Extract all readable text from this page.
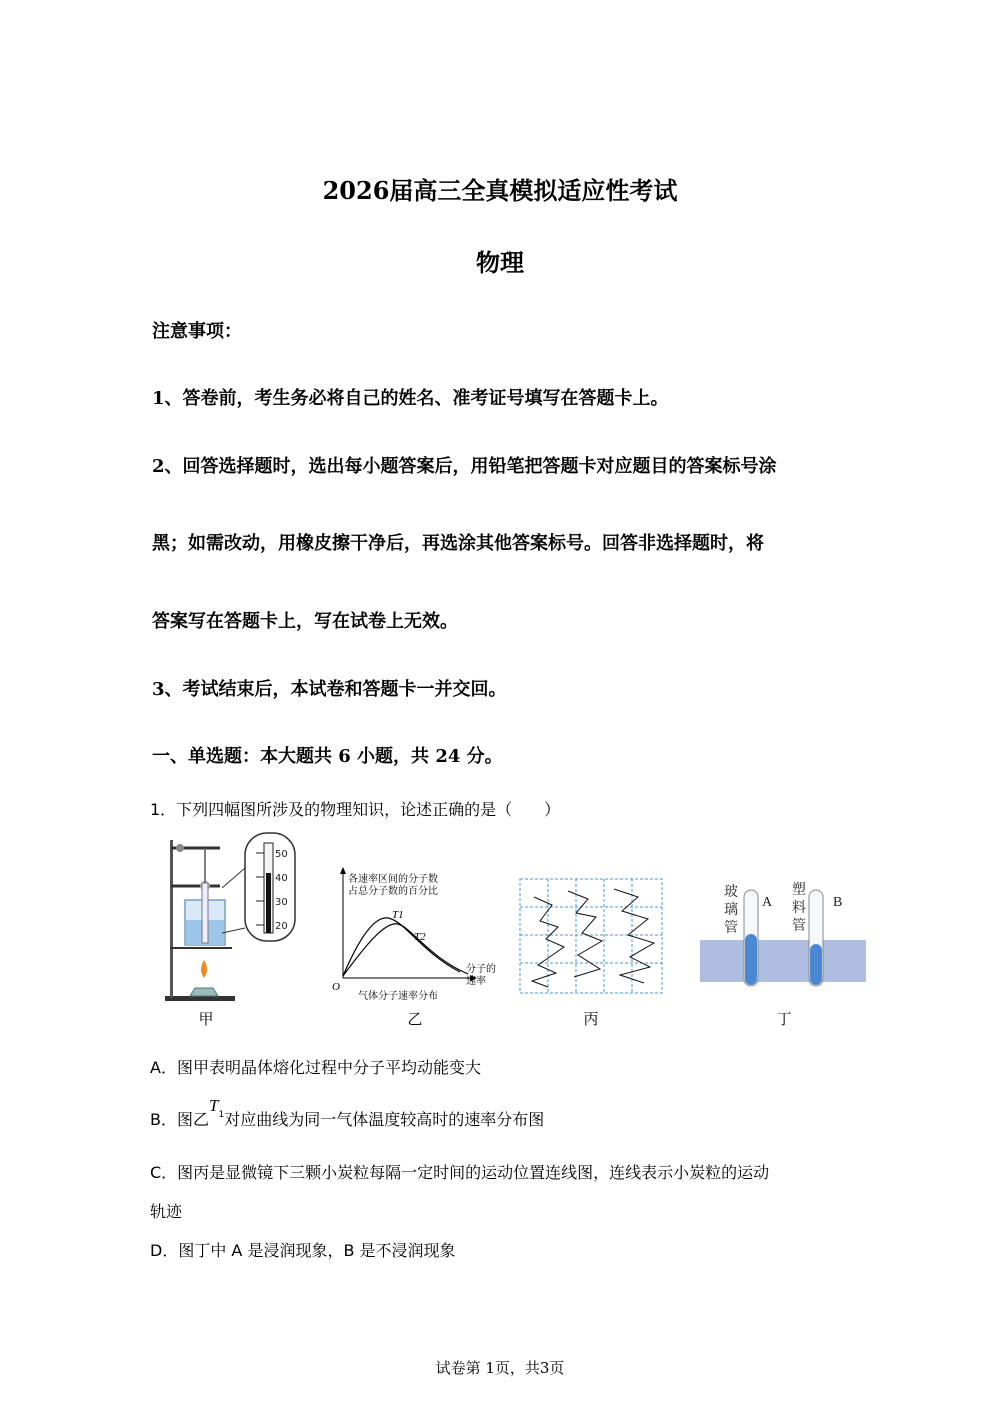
2026届高三全真模拟适应性考试
物理
注意事项：
1、答卷前，考生务必将自己的姓名、准考证号填写在答题卡上。
2、回答选择题时，选出每小题答案后，用铅笔把答题卡对应题目的答案标号涂
黑；如需改动，用橡皮擦干净后，再选涂其他答案标号。回答非选择题时，将
答案写在答题卡上，写在试卷上无效。
3、考试结束后，本试卷和答题卡一并交回。
一、单选题：本大题共 6 小题，共 24 分。
1．下列四幅图所涉及的物理知识，论述正确的是（　　）
50
40
30
20
甲
各速率区间的分子数
占总分子数的百分比
分子的
速率
气体分子速率分布
O
T1
T2
乙	丙
玻
璃
管
塑
料
管
A	B
丁
A．图甲表明晶体熔化过程中分子平均动能变大
B．图乙$T^1$对应曲线为同一气体温度较高时的速率分布图
C．图丙是显微镜下三颗小炭粒每隔一定时间的运动位置连线图，连线表示小炭粒的运动
轨迹
D．图丁中 A 是浸润现象，B 是不浸润现象
试卷第 1页，共3页
